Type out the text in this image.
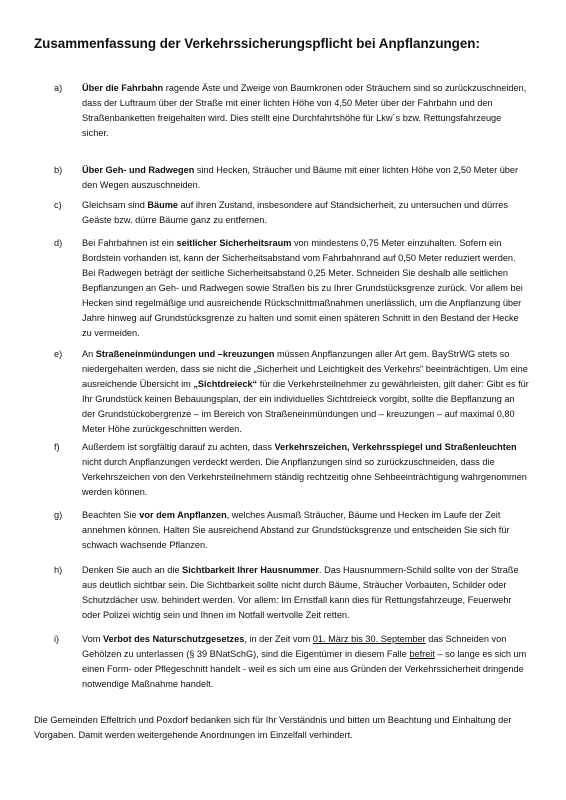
Zusammenfassung der Verkehrssicherungspflicht bei Anpflanzungen:
a) Über die Fahrbahn ragende Äste und Zweige von Baumkronen oder Sträuchern sind so zurückzuschneiden, dass der Luftraum über der Straße mit einer lichten Höhe von 4,50 Meter über der Fahrbahn und den Straßenbanketten freigehalten wird. Dies stellt eine Durchfahrtshöhe für Lkw´s bzw. Rettungsfahrzeuge sicher.

b) Über Geh- und Radwegen sind Hecken, Sträucher und Bäume mit einer lichten Höhe von 2,50 Meter über den Wegen auszuschneiden.

c) Gleichsam sind Bäume auf ihren Zustand, insbesondere auf Standsicherheit, zu untersuchen und dürres Geäste bzw. dürre Bäume ganz zu entfernen.

d) Bei Fahrbahnen ist ein seitlicher Sicherheitsraum von mindestens 0,75 Meter einzuhalten. Sofern ein Bordstein vorhanden ist, kann der Sicherheitsabstand vom Fahrbahnrand auf 0,50 Meter reduziert werden. Bei Radwegen beträgt der seitliche Sicherheitsabstand 0,25 Meter. Schneiden Sie deshalb alle seitlichen Bepflanzungen an Geh- und Radwegen sowie Straßen bis zu Ihrer Grundstücksgrenze zurück. Vor allem bei Hecken sind regelmäßige und ausreichende Rückschnittmaßnahmen unerlässlich, um die Anpflanzung über Jahre hinweg auf Grundstücksgrenze zu halten und somit einen späteren Schnitt in den Bestand der Hecke zu vermeiden.

e) An Straßeneinmündungen und –kreuzungen müssen Anpflanzungen aller Art gem. BayStrWG stets so niedergehalten werden, dass sie nicht die „Sicherheit und Leichtigkeit des Verkehrs“ beeinträchtigen. Um eine ausreichende Übersicht im „Sichtdreieck“ für die Verkehrsteilnehmer zu gewährleisten, gilt daher: Gibt es für Ihr Grundstück keinen Bebauungsplan, der ein individuelles Sichtdreieck vorgibt, sollte die Bepflanzung an der Grundstückobergrenze – im Bereich von Straßeneinmündungen und – kreuzungen – auf maximal 0,80 Meter Höhe zurückgeschnitten werden.

f) Außerdem ist sorgfältig darauf zu achten, dass Verkehrszeichen, Verkehrsspiegel und Straßenleuchten nicht durch Anpflanzungen verdeckt werden. Die Anpflanzungen sind so zurückzuschneiden, dass die Verkehrszeichen von den Verkehrsteilnehmern ständig rechtzeitig ohne Sehbeeinträchtigung wahrgenommen werden können.

g) Beachten Sie vor dem Anpflanzen, welches Ausmaß Sträucher, Bäume und Hecken im Laufe der Zeit annehmen können. Halten Sie ausreichend Abstand zur Grundstücksgrenze und entscheiden Sie sich für schwach wachsende Pflanzen.

h) Denken Sie auch an die Sichtbarkeit Ihrer Hausnummer. Das Hausnummern-Schild sollte von der Straße aus deutlich sichtbar sein. Die Sichtbarkeit sollte nicht durch Bäume, Sträucher Vorbauten, Schilder oder Schutzdächer usw. behindert werden. Vor allem: Im Ernstfall kann dies für Rettungsfahrzeuge, Feuerwehr oder Polizei wichtig sein und Ihnen im Notfall wertvolle Zeit retten.

i) Vom Verbot des Naturschutzgesetzes, in der Zeit vom 01. März bis 30. September das Schneiden von Gehölzen zu unterlassen (§ 39 BNatSchG), sind die Eigentümer in diesem Falle befreit – so lange es sich um einen Form- oder Pflegeschnitt handelt - weil es sich um eine aus Gründen der Verkehrssicherheit dringende notwendige Maßnahme handelt.

Die Gemeinden Effeltrich und Poxdorf bedanken sich für Ihr Verständnis und bitten um Beachtung und Einhaltung der Vorgaben. Damit werden weitergehende Anordnungen im Einzelfall verhindert.
